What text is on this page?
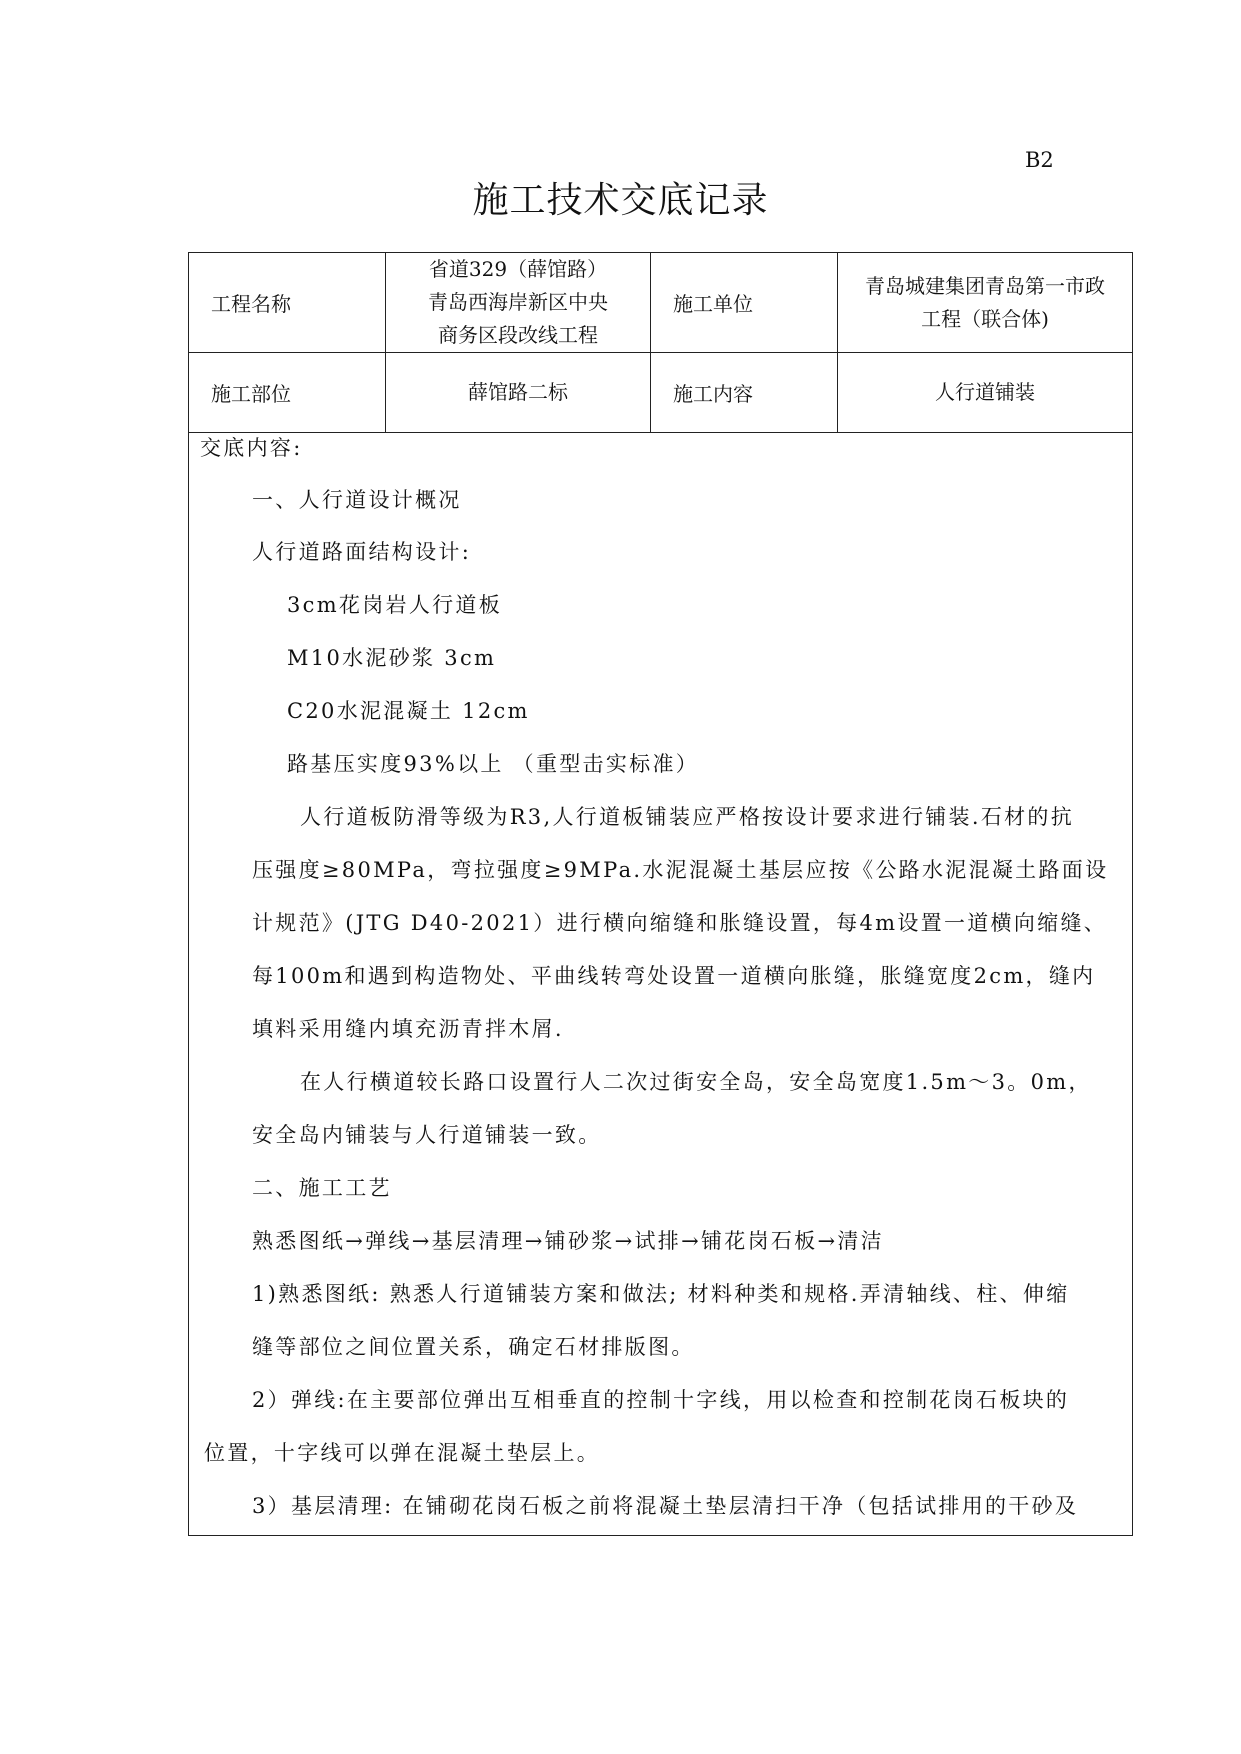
B2
施工技术交底记录
工程名称	省道329（薛馆路）
青岛西海岸新区中央
商务区段改线工程	施工单位	青岛城建集团青岛第一市政
工程（联合体)

施工部位	薛馆路二标	施工内容	人行道铺装
交底内容:
一、人行道设计概况
人行道路面结构设计:
3cm花岗岩人行道板
M10水泥砂浆 3cm
C20水泥混凝土 12cm
路基压实度93%以上 （重型击实标准）
人行道板防滑等级为R3,人行道板铺装应严格按设计要求进行铺装.石材的抗
压强度≥80MPa，弯拉强度≥9MPa.水泥混凝土基层应按《公路水泥混凝土路面设
计规范》(JTG D40-2021）进行横向缩缝和胀缝设置，每4m设置一道横向缩缝、
每100m和遇到构造物处、平曲线转弯处设置一道横向胀缝，胀缝宽度2cm，缝内
填料采用缝内填充沥青拌木屑.
在人行横道较长路口设置行人二次过街安全岛，安全岛宽度1.5m～3。0m，
安全岛内铺装与人行道铺装一致。
二、施工工艺
熟悉图纸→弹线→基层清理→铺砂浆→试排→铺花岗石板→清洁
1)熟悉图纸: 熟悉人行道铺装方案和做法; 材料种类和规格.弄清轴线、柱、伸缩
缝等部位之间位置关系，确定石材排版图。
2）弹线:在主要部位弹出互相垂直的控制十字线，用以检查和控制花岗石板块的
位置，十字线可以弹在混凝土垫层上。
3）基层清理: 在铺砌花岗石板之前将混凝土垫层清扫干净（包括试排用的干砂及
